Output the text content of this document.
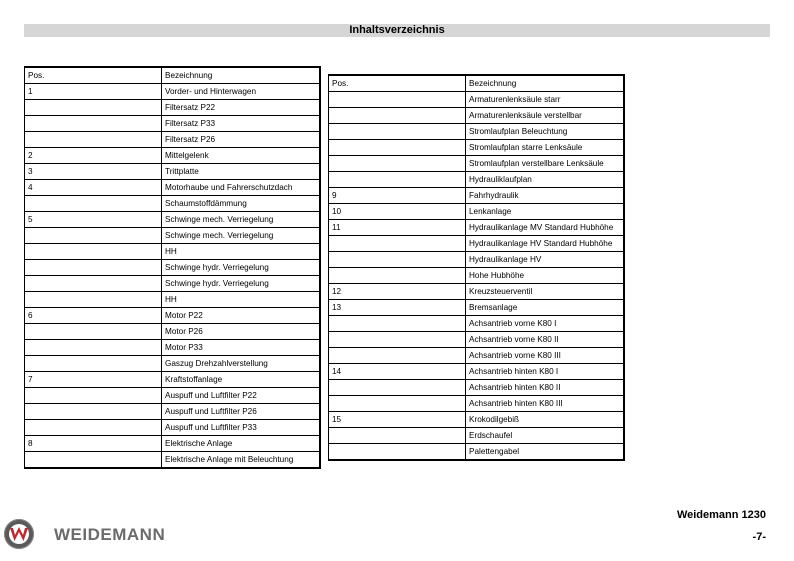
Inhaltsverzeichnis
Pos.	Bezeichnung
1	Vorder- und Hinterwagen
	Filtersatz P22
	Filtersatz P33
	Filtersatz P26
2	Mittelgelenk
3	Trittplatte
4	Motorhaube und Fahrerschutzdach
	Schaumstoffdämmung
5	Schwinge mech. Verriegelung
	Schwinge mech. Verriegelung
	HH
	Schwinge hydr. Verriegelung
	Schwinge hydr. Verriegelung
	HH
6	Motor P22
	Motor P26
	Motor P33
	Gaszug Drehzahlverstellung
7	Kraftstoffanlage
	Auspuff und Luftfilter P22
	Auspuff und Luftfilter P26
	Auspuff und Luftfilter P33
8	Elektrische Anlage
	Elektrische Anlage mit Beleuchtung
Pos.	Bezeichnung
	Armaturenlenksäule starr
	Armaturenlenksäule verstellbar
	Stromlaufplan Beleuchtung
	Stromlaufplan starre Lenksäule
	Stromlaufplan verstellbare Lenksäule
	Hydrauliklaufplan
9	Fahrhydraulik
10	Lenkanlage
11	Hydraulikanlage MV Standard Hubhöhe
	Hydraulikanlage HV Standard Hubhöhe
	Hydraulikanlage HV
	Hohe Hubhöhe
12	Kreuzsteuerventil
13	Bremsanlage
	Achsantrieb vorne K80 I
	Achsantrieb vorne K80 II
	Achsantrieb vorne K80 III
14	Achsantrieb hinten K80 I
	Achsantrieb hinten K80 II
	Achsantrieb hinten K80 III
15	Krokodilgebiß
	Erdschaufel
	Palettengabel
WEIDEMANN
Weidemann 1230
-7-
